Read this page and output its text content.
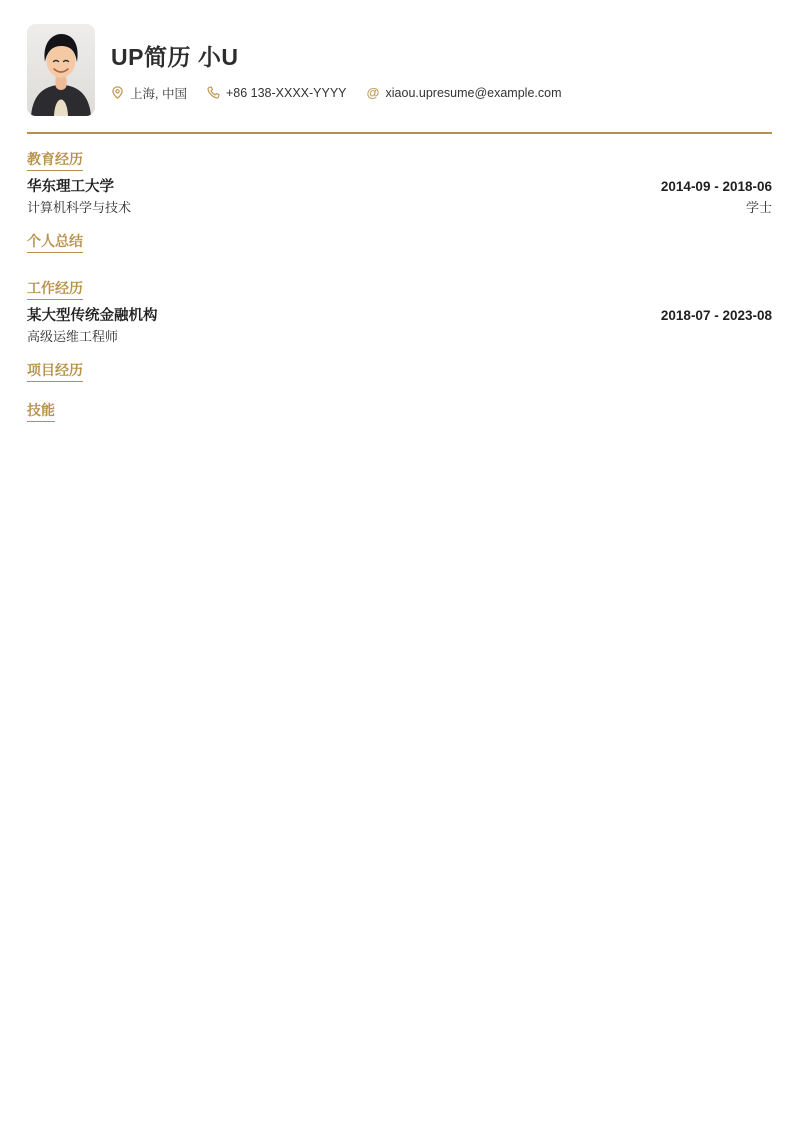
UP简历 小U
上海, 中国	+86 138-XXXX-YYYY @ xiaou.upresume@example.com
教育经历
华东理工大学	2014-09 - 2018-06
计算机科学与技术	学士
个人总结

工作经历
某大型传统金融机构	2018-07 - 2023-08
高级运维工程师
项目经历
技能
